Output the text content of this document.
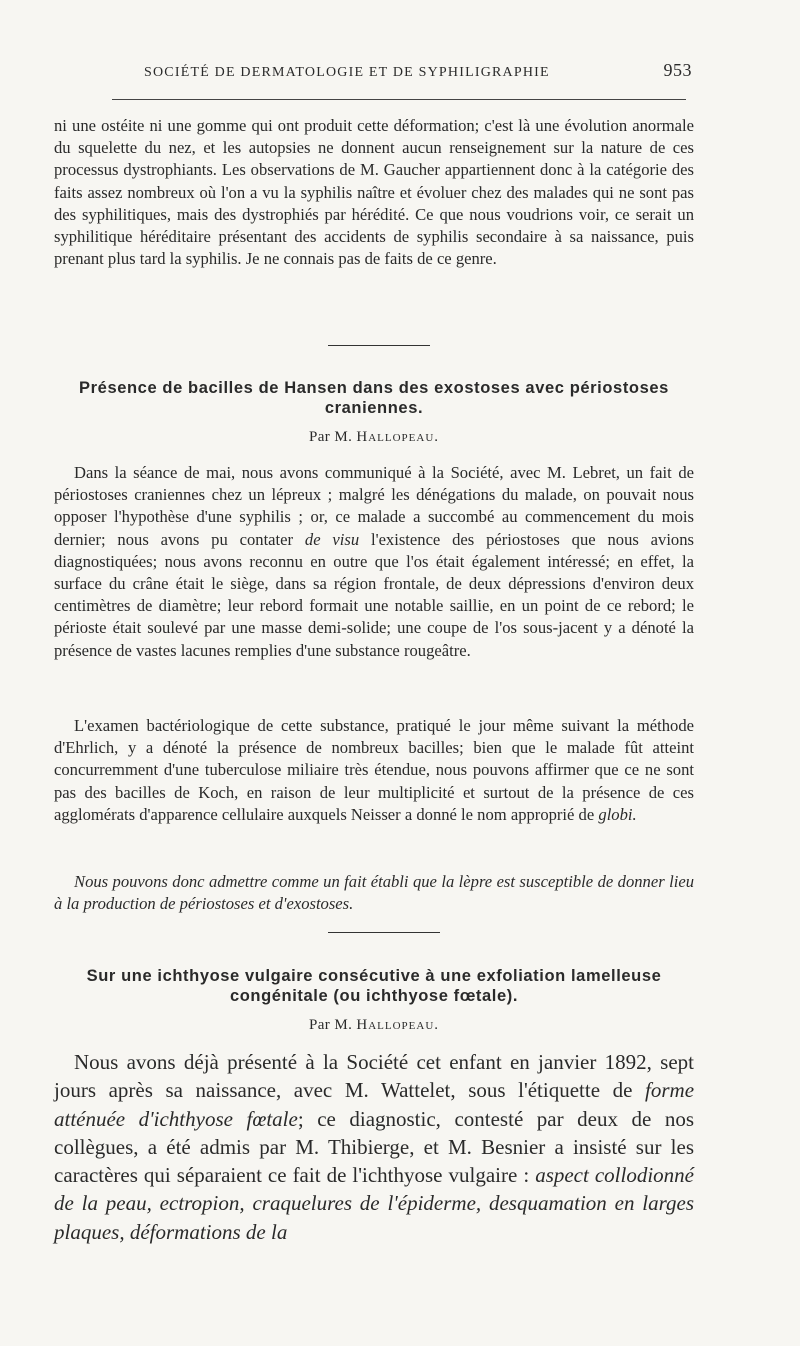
SOCIÉTÉ DE DERMATOLOGIE ET DE SYPHILIGRAPHIE	953

ni une ostéite ni une gomme qui ont produit cette déformation; c'est là une évolution anormale du squelette du nez, et les autopsies ne donnent aucun renseignement sur la nature de ces processus dystrophiants. Les observations de M. Gaucher appartiennent donc à la catégorie des faits assez nombreux où l'on a vu la syphilis naître et évoluer chez des malades qui ne sont pas des syphilitiques, mais des dystrophiés par hérédité. Ce que nous voudrions voir, ce serait un syphilitique héréditaire présentant des accidents de syphilis secondaire à sa naissance, puis prenant plus tard la syphilis. Je ne connais pas de faits de ce genre.

Présence de bacilles de Hansen dans des exostoses avec périostoses craniennes.
Par M. Hallopeau.

Dans la séance de mai, nous avons communiqué à la Société, avec M. Lebret, un fait de périostoses craniennes chez un lépreux ; malgré les dénégations du malade, on pouvait nous opposer l'hypothèse d'une syphilis ; or, ce malade a succombé au commencement du mois dernier; nous avons pu contater de visu l'existence des périostoses que nous avions diagnostiquées; nous avons reconnu en outre que l'os était également intéressé; en effet, la surface du crâne était le siège, dans sa région frontale, de deux dépressions d'environ deux centimètres de diamètre; leur rebord formait une notable saillie, en un point de ce rebord; le périoste était soulevé par une masse demi-solide; une coupe de l'os sous-jacent y a dénoté la présence de vastes lacunes remplies d'une substance rougeâtre.

L'examen bactériologique de cette substance, pratiqué le jour même suivant la méthode d'Ehrlich, y a dénoté la présence de nombreux bacilles; bien que le malade fût atteint concurremment d'une tuberculose miliaire très étendue, nous pouvons affirmer que ce ne sont pas des bacilles de Koch, en raison de leur multiplicité et surtout de la présence de ces agglomérats d'apparence cellulaire auxquels Neisser a donné le nom approprié de globi.

Nous pouvons donc admettre comme un fait établi que la lèpre est susceptible de donner lieu à la production de périostoses et d'exostoses.

Sur une ichthyose vulgaire consécutive à une exfoliation lamelleuse congénitale (ou ichthyose fœtale).
Par M. Hallopeau.

Nous avons déjà présenté à la Société cet enfant en janvier 1892, sept jours après sa naissance, avec M. Wattelet, sous l'étiquette de forme atténuée d'ichthyose fœtale; ce diagnostic, contesté par deux de nos collègues, a été admis par M. Thibierge, et M. Besnier a insisté sur les caractères qui séparaient ce fait de l'ichthyose vulgaire : aspect collodionné de la peau, ectropion, craquelures de l'épiderme, desquamation en larges plaques, déformations de la
